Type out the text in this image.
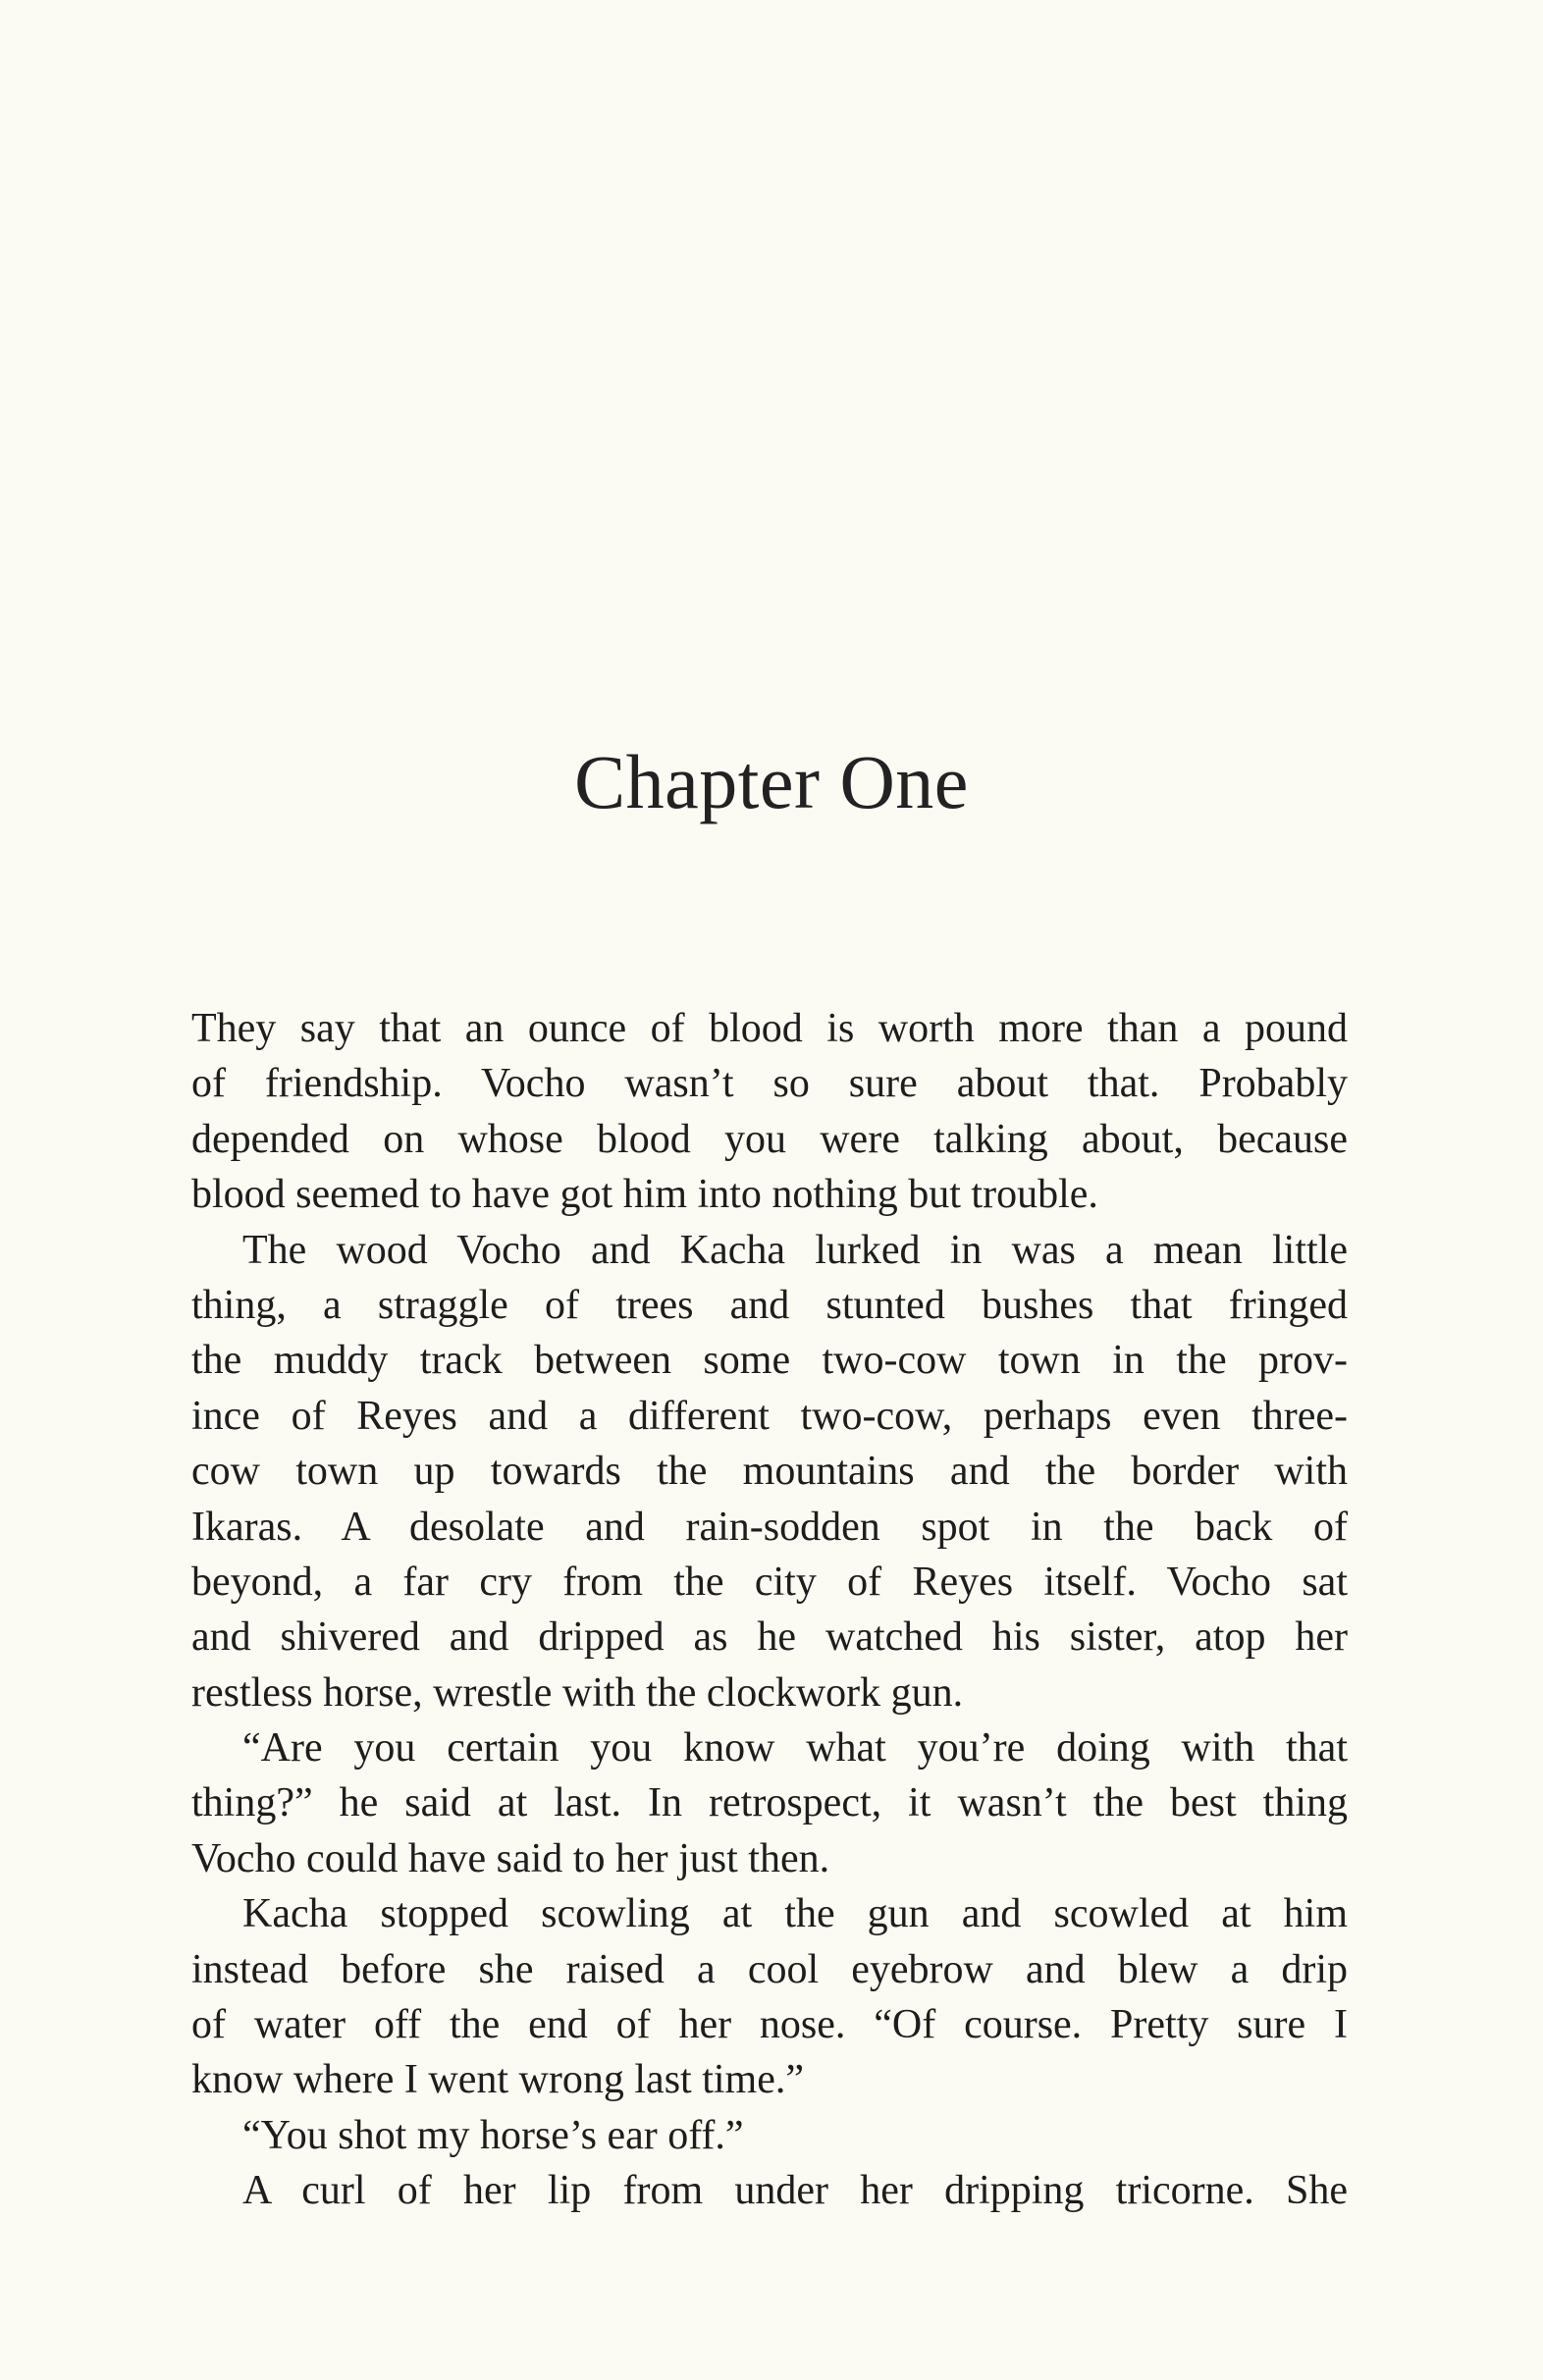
Chapter One
They say that an ounce of blood is worth more than a pound
of friendship. Vocho wasn’t so sure about that. Probably
depended on whose blood you were talking about, because
blood seemed to have got him into nothing but trouble.
The wood Vocho and Kacha lurked in was a mean little
thing, a straggle of trees and stunted bushes that fringed
the muddy track between some two-cow town in the prov-
ince of Reyes and a different two-cow, perhaps even three-
cow town up towards the mountains and the border with
Ikaras. A desolate and rain-sodden spot in the back of
beyond, a far cry from the city of Reyes itself. Vocho sat
and shivered and dripped as he watched his sister, atop her
restless horse, wrestle with the clockwork gun.
“Are you certain you know what you’re doing with that
thing?” he said at last. In retrospect, it wasn’t the best thing
Vocho could have said to her just then.
Kacha stopped scowling at the gun and scowled at him
instead before she raised a cool eyebrow and blew a drip
of water off the end of her nose. “Of course. Pretty sure I
know where I went wrong last time.”
“You shot my horse’s ear off.”
A curl of her lip from under her dripping tricorne. She
